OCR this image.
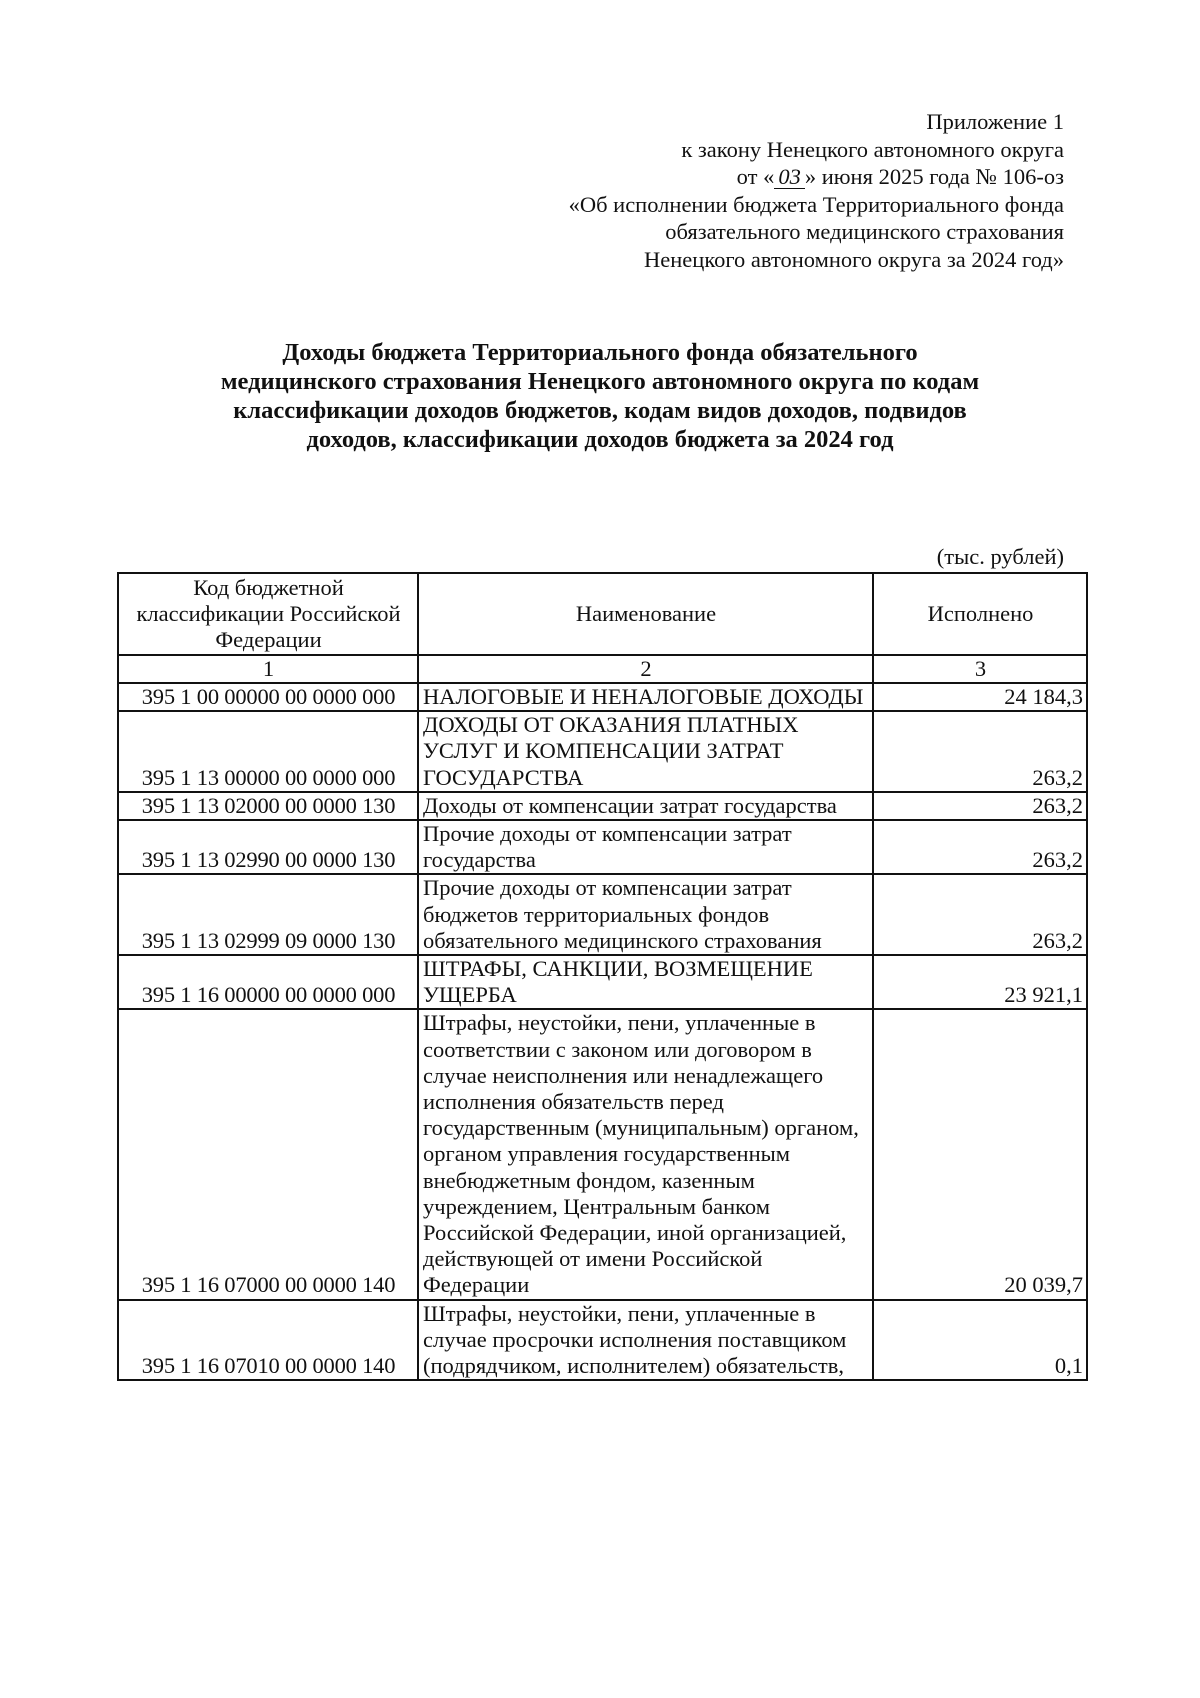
Приложение 1
к закону Ненецкого автономного округа
от « 03 » июня 2025 года № 106-оз
«Об исполнении бюджета Территориального фонда
обязательного медицинского страхования
Ненецкого автономного округа за 2024 год»
Доходы бюджета Территориального фонда обязательного
медицинского страхования Ненецкого автономного округа по кодам
классификации доходов бюджетов, кодам видов доходов, подвидов
доходов, классификации доходов бюджета за 2024 год
(тыс. рублей)
Код бюджетной классификации Российской Федерации	Наименование	Исполнено
1	2	3
395 1 00 00000 00 0000 000	НАЛОГОВЫЕ И НЕНАЛОГОВЫЕ ДОХОДЫ	24 184,3
395 1 13 00000 00 0000 000	ДОХОДЫ ОТ ОКАЗАНИЯ ПЛАТНЫХ УСЛУГ И КОМПЕНСАЦИИ ЗАТРАТ ГОСУДАРСТВА	263,2
395 1 13 02000 00 0000 130	Доходы от компенсации затрат государства	263,2
395 1 13 02990 00 0000 130	Прочие доходы от компенсации затрат государства	263,2
395 1 13 02999 09 0000 130	Прочие доходы от компенсации затрат бюджетов территориальных фондов обязательного медицинского страхования	263,2
395 1 16 00000 00 0000 000	ШТРАФЫ, САНКЦИИ, ВОЗМЕЩЕНИЕ УЩЕРБА	23 921,1
395 1 16 07000 00 0000 140	Штрафы, неустойки, пени, уплаченные в соответствии с законом или договором в случае неисполнения или ненадлежащего исполнения обязательств перед государственным (муниципальным) органом, органом управления государственным внебюджетным фондом, казенным учреждением, Центральным банком Российской Федерации, иной организацией, действующей от имени Российской Федерации	20 039,7
395 1 16 07010 00 0000 140	Штрафы, неустойки, пени, уплаченные в случае просрочки исполнения поставщиком (подрядчиком, исполнителем) обязательств,	0,1
